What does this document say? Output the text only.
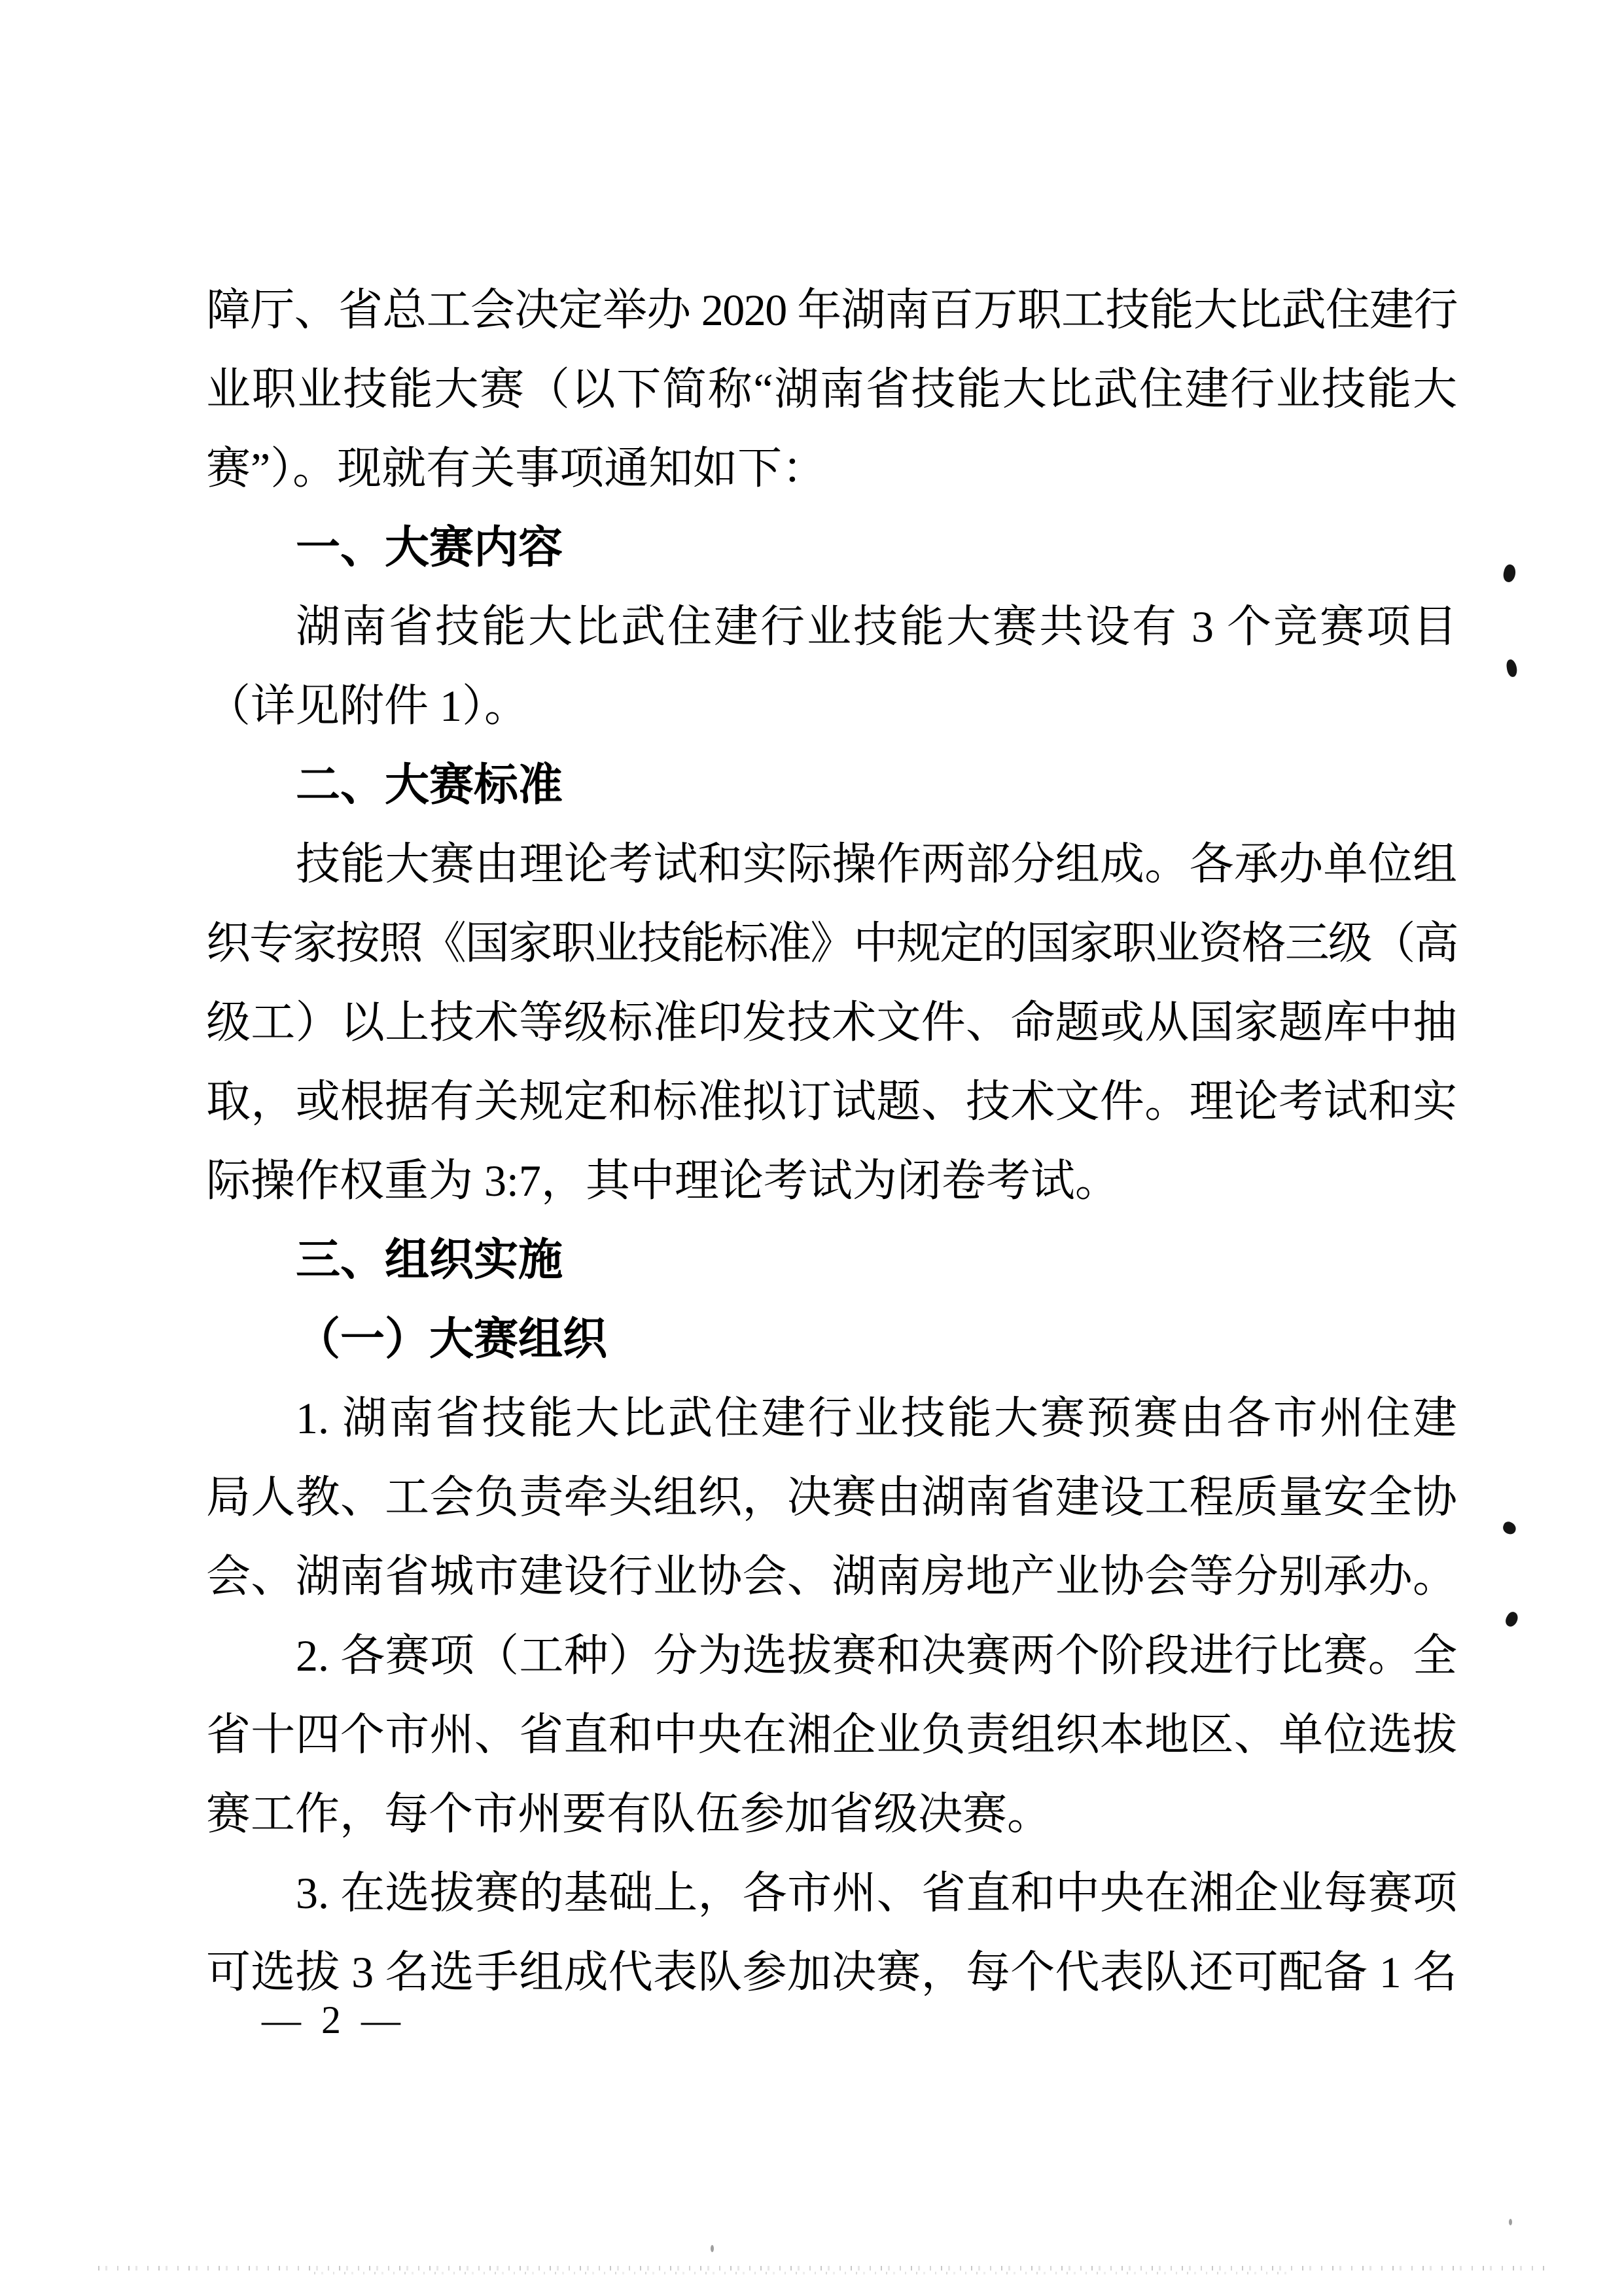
障厅、省总工会决定举办 2020 年湖南百万职工技能大比武住建行
业职业技能大赛（以下简称“湖南省技能大比武住建行业技能大
赛”）。现就有关事项通知如下：
一、大赛内容
湖南省技能大比武住建行业技能大赛共设有 3 个竞赛项目
（详见附件 1）。
二、大赛标准
技能大赛由理论考试和实际操作两部分组成。各承办单位组
织专家按照《国家职业技能标准》中规定的国家职业资格三级（高
级工）以上技术等级标准印发技术文件、命题或从国家题库中抽
取，或根据有关规定和标准拟订试题、技术文件。理论考试和实
际操作权重为 3:7，其中理论考试为闭卷考试。
三、组织实施
（一）大赛组织
1. 湖南省技能大比武住建行业技能大赛预赛由各市州住建
局人教、工会负责牵头组织，决赛由湖南省建设工程质量安全协
会、湖南省城市建设行业协会、湖南房地产业协会等分别承办。
2. 各赛项（工种）分为选拔赛和决赛两个阶段进行比赛。全
省十四个市州、省直和中央在湘企业负责组织本地区、单位选拔
赛工作，每个市州要有队伍参加省级决赛。
3. 在选拔赛的基础上，各市州、省直和中央在湘企业每赛项
可选拔 3 名选手组成代表队参加决赛，每个代表队还可配备 1 名
— 2 —
